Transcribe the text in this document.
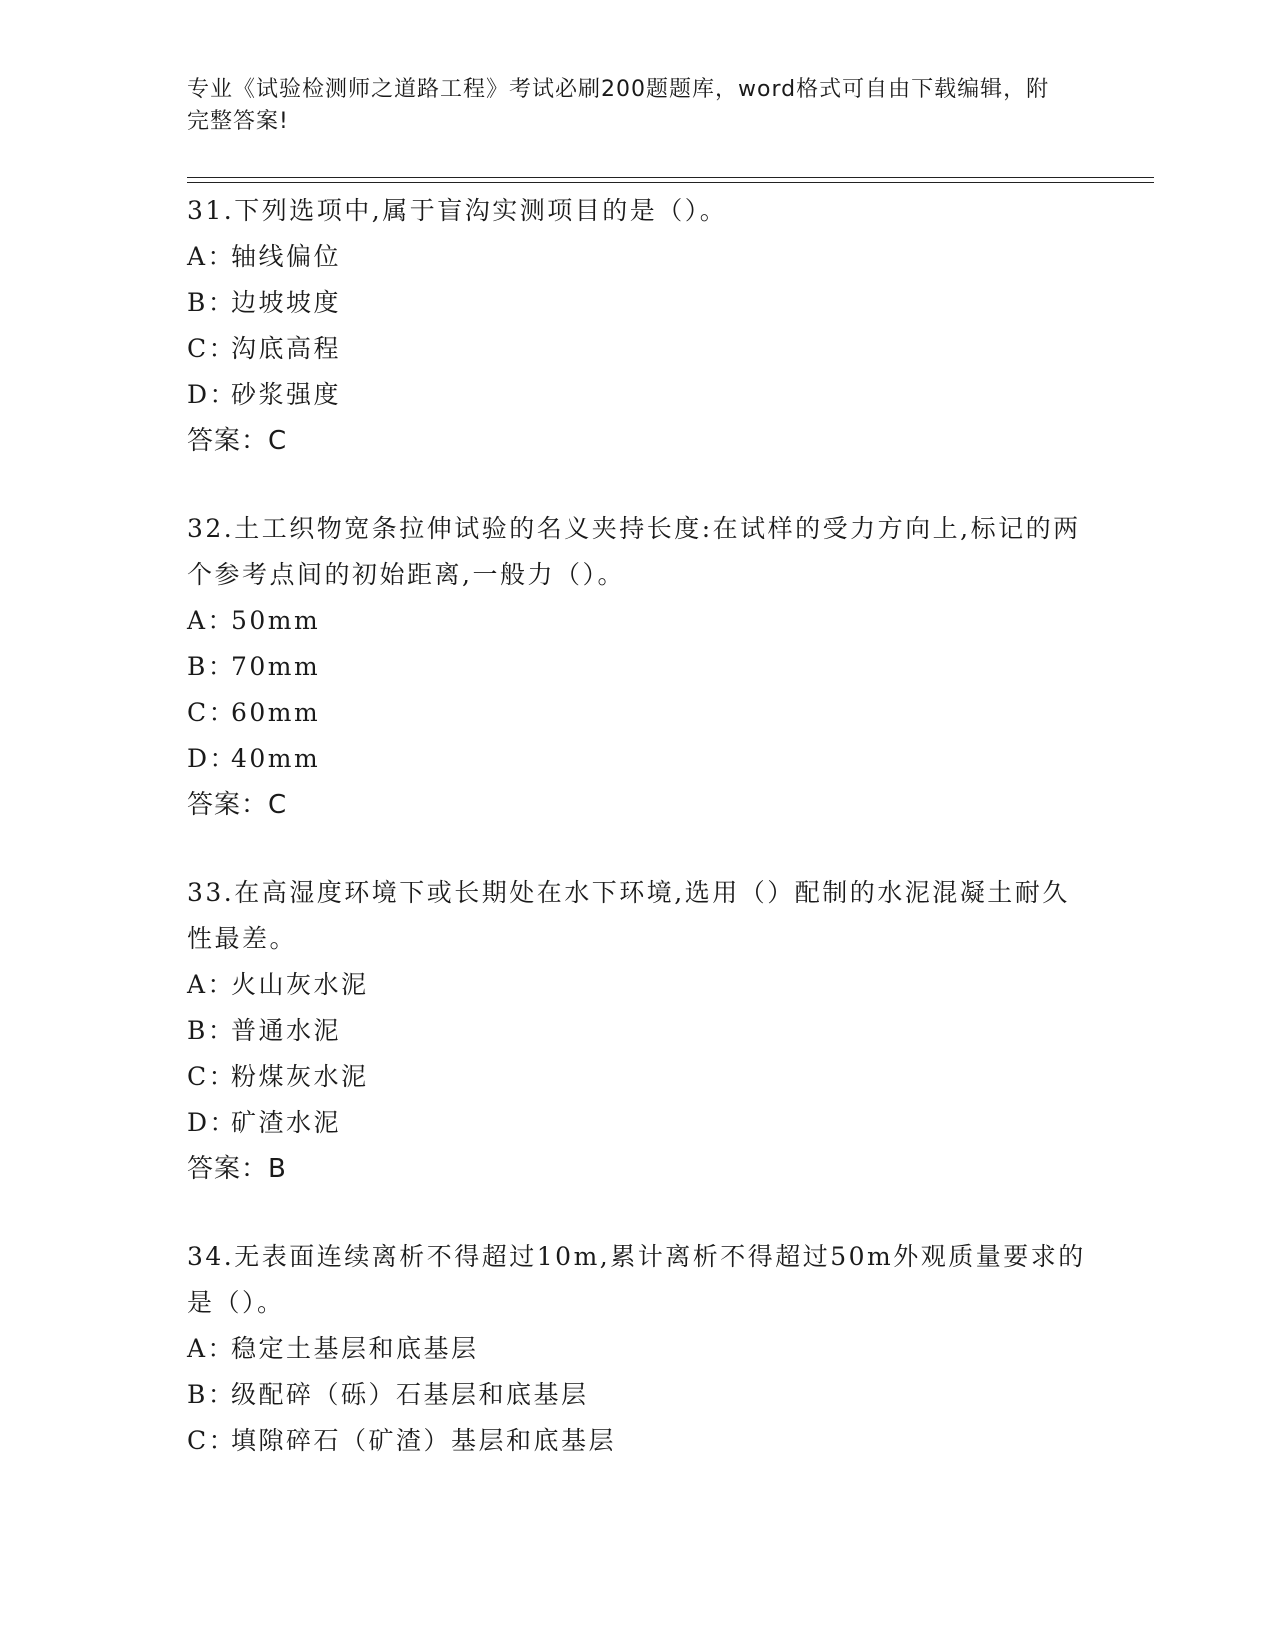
专业《试验检测师之道路工程》考试必刷200题题库，word格式可自由下载编辑，附完整答案!

31.下列选项中,属于盲沟实测项目的是（）。

A：轴线偏位

B：边坡坡度

C：沟底高程

D：砂浆强度

答案：C

32.土工织物宽条拉伸试验的名义夹持长度:在试样的受力方向上,标记的两个参考点间的初始距离,一般力（）。

A：50mm

B：70mm

C：60mm

D：40mm

答案：C

33.在高湿度环境下或长期处在水下环境,选用（）配制的水泥混凝土耐久性最差。

A：火山灰水泥

B：普通水泥

C：粉煤灰水泥

D：矿渣水泥

答案：B

34.无表面连续离析不得超过10m,累计离析不得超过50m外观质量要求的是（）。

A：稳定土基层和底基层

B：级配碎（砾）石基层和底基层

C：填隙碎石（矿渣）基层和底基层
